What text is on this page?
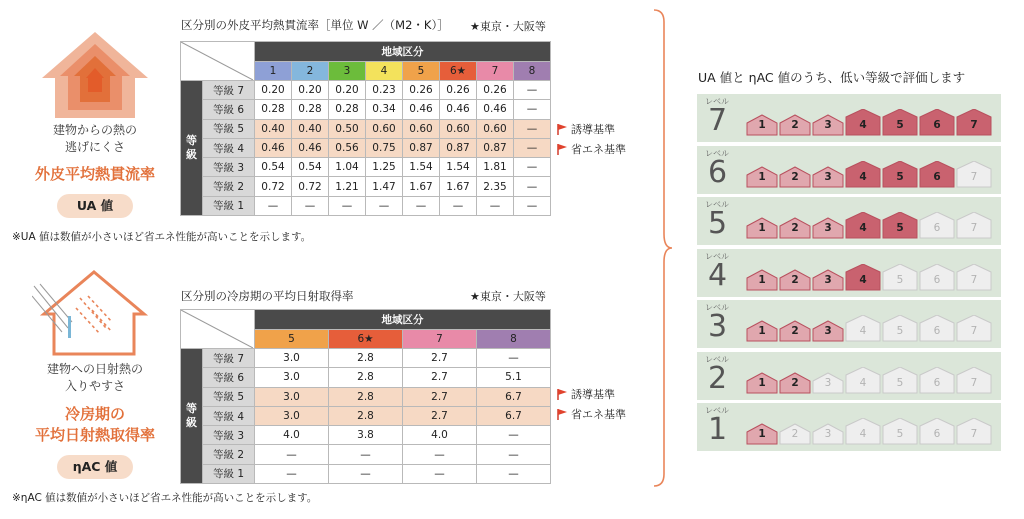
建物からの熱の
逃げにくさ
外皮平均熱貫流率
UA 値
区分別の外皮平均熱貫流率［単位 W ／（M2・K）］ ★東京・大阪等
	地域区分							
		1	2	3	4	5	6★	7	8

等
級	等級 7	0.20	0.20	0.20	0.23	0.26	0.26	0.26	—
	等級 6	0.28	0.28	0.28	0.34	0.46	0.46	0.46	—
	等級 5	0.40	0.40	0.50	0.60	0.60	0.60	0.60	—
	等級 4	0.46	0.46	0.56	0.75	0.87	0.87	0.87	—
	等級 3	0.54	0.54	1.04	1.25	1.54	1.54	1.81	—
	等級 2	0.72	0.72	1.21	1.47	1.67	1.67	2.35	—
	等級 1	—	—	—	—	—	—	—	—
誘導基準
省エネ基準
※UA 値は数値が小さいほど省エネ性能が高いことを示します。
建物への日射熱の
入りやすさ
冷房期の
平均日射熱取得率
ηAC 値
区分別の冷房期の平均日射取得率	★東京・大阪等
	地域区分			
		5	6★	7	8

等
級	等級 7	3.0	2.8	2.7	—
	等級 6	3.0	2.8	2.7	5.1
	等級 5	3.0	2.8	2.7	6.7
	等級 4	3.0	2.8	2.7	6.7
	等級 3	4.0	3.8	4.0	—
	等級 2	—	—	—	—
	等級 1	—	—	—	—
誘導基準
省エネ基準
※ηAC 値は数値が小さいほど省エネ性能が高いことを示します。
UA 値と ηAC 値のうち、低い等級で評価します
レベル
7	1	2	3	4	5	6	7
レベル
6	1	2	3	4	5	6	7
レベル
5	1	2	3	4	5	6	7
レベル
4	1	2	3	4	5	6	7
レベル
3	1	2	3	4	5	6	7
レベル
2	1	2	3	4	5	6	7
レベル
1	1	2	3	4	5	6	7
